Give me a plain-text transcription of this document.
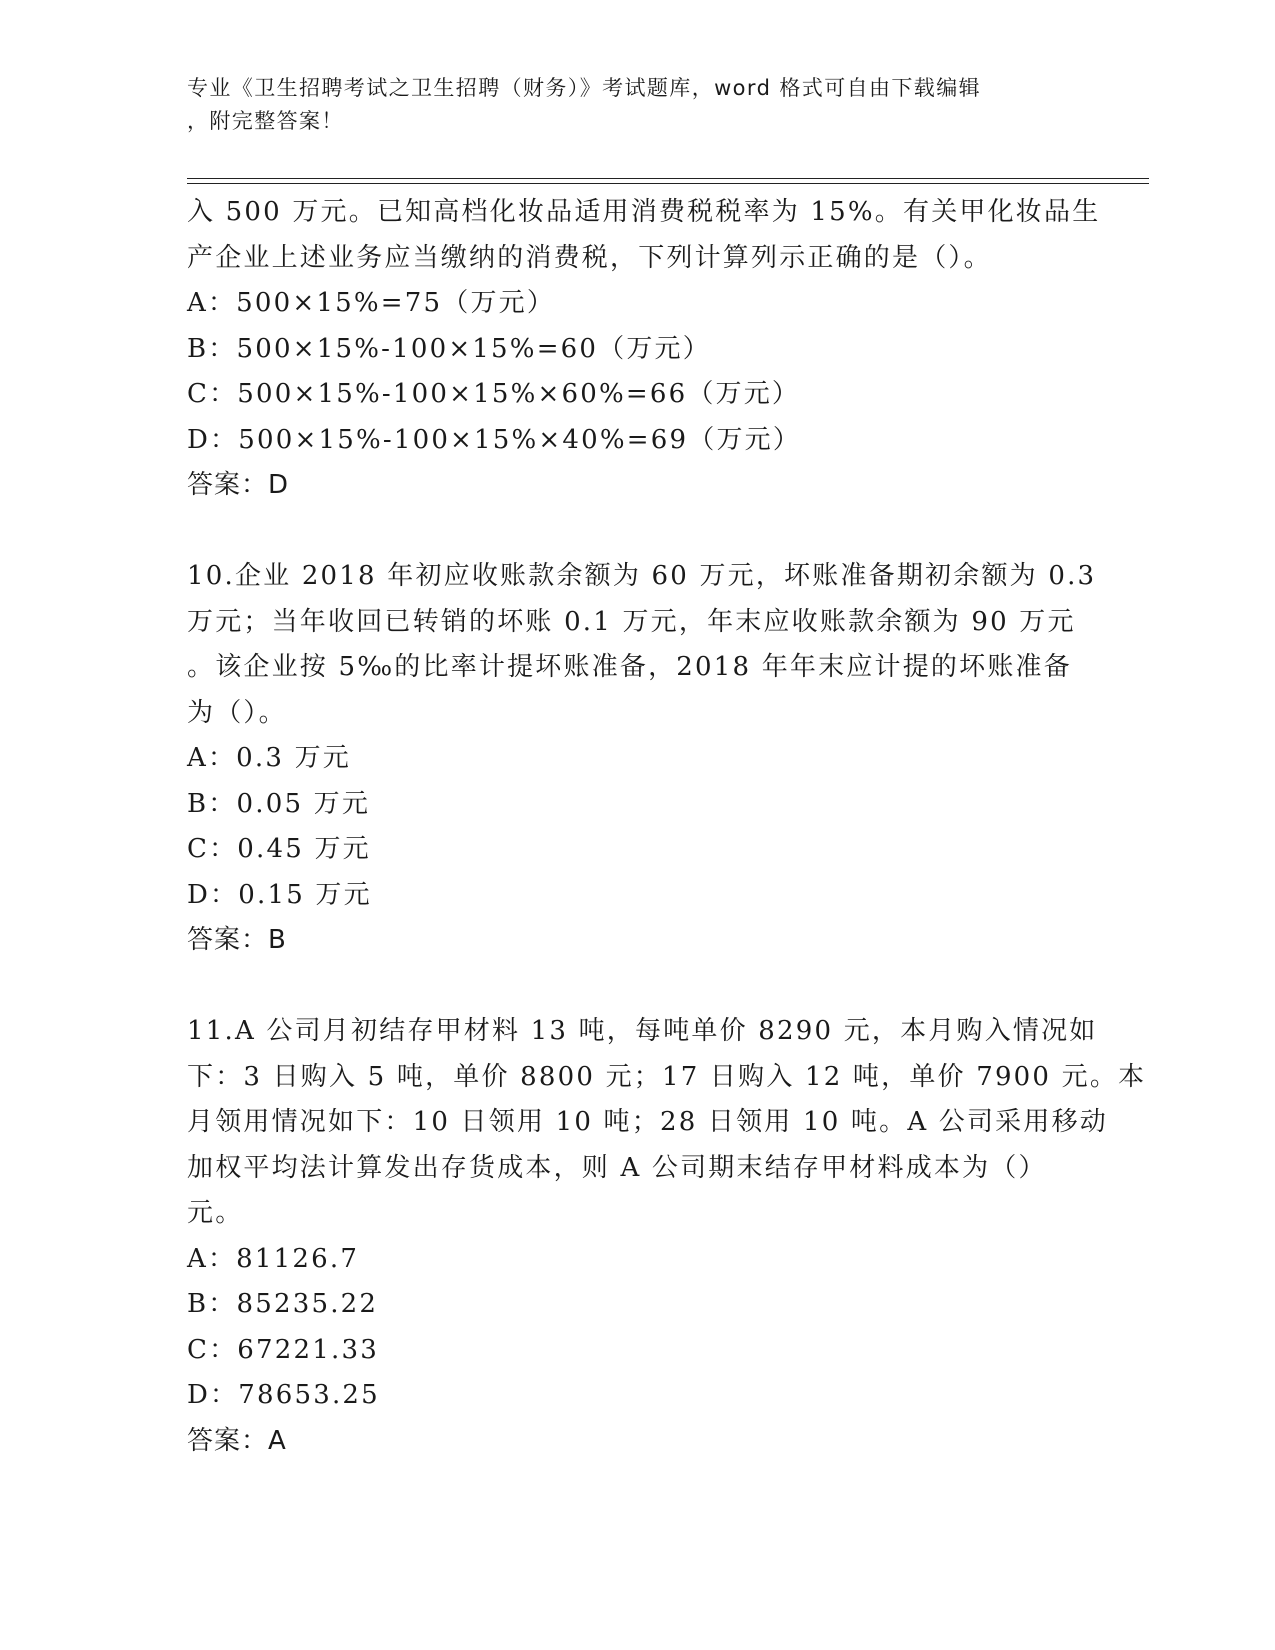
专业《卫生招聘考试之卫生招聘（财务）》考试题库，word 格式可自由下载编辑
，附完整答案！
入 500 万元。已知高档化妆品适用消费税税率为 15%。有关甲化妆品生
产企业上述业务应当缴纳的消费税，下列计算列示正确的是（）。
A：500×15%=75（万元）
B：500×15%-100×15%=60（万元）
C：500×15%-100×15%×60%=66（万元）
D：500×15%-100×15%×40%=69（万元）
答案：D
10.企业 2018 年初应收账款余额为 60 万元，坏账准备期初余额为 0.3
万元；当年收回已转销的坏账 0.1 万元，年末应收账款余额为 90 万元
。该企业按 5‰的比率计提坏账准备，2018 年年末应计提的坏账准备
为（）。
A：0.3 万元
B：0.05 万元
C：0.45 万元
D：0.15 万元
答案：B
11.A 公司月初结存甲材料 13 吨，每吨单价 8290 元，本月购入情况如
下：3 日购入 5 吨，单价 8800 元；17 日购入 12 吨，单价 7900 元。本
月领用情况如下：10 日领用 10 吨；28 日领用 10 吨。A 公司采用移动
加权平均法计算发出存货成本，则 A 公司期末结存甲材料成本为（）
元。
A：81126.7
B：85235.22
C：67221.33
D：78653.25
答案：A
